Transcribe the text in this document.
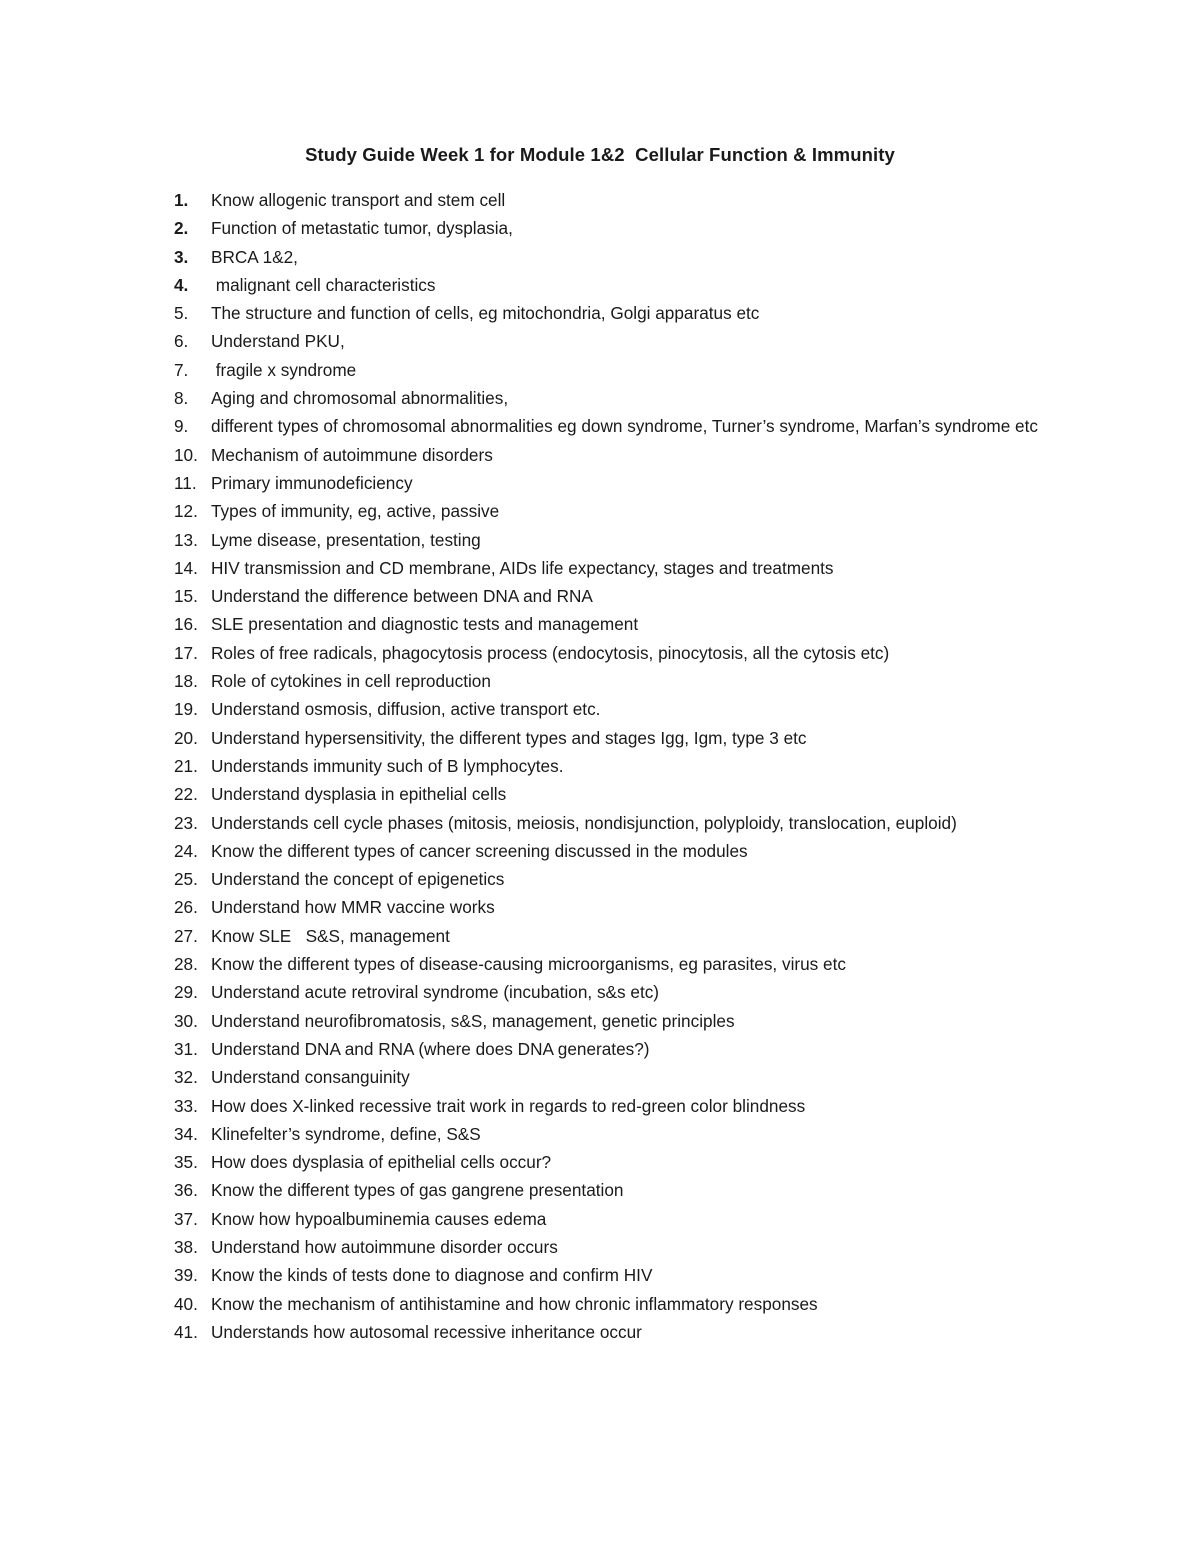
Study Guide Week 1 for Module 1&2  Cellular Function & Immunity
1.	Know allogenic transport and stem cell
2.	Function of metastatic tumor, dysplasia,
3.	BRCA 1&2,
4.	malignant cell characteristics
5.	The structure and function of cells, eg mitochondria, Golgi apparatus etc
6.	Understand PKU,
7.	fragile x syndrome
8.	Aging and chromosomal abnormalities,
9.	different types of chromosomal abnormalities eg down syndrome, Turner’s syndrome, Marfan’s syndrome etc
10. Mechanism of autoimmune disorders
11. Primary immunodeficiency
12. Types of immunity, eg, active, passive
13. Lyme disease, presentation, testing
14. HIV transmission and CD membrane, AIDs life expectancy, stages and treatments
15. Understand the difference between DNA and RNA
16. SLE presentation and diagnostic tests and management
17. Roles of free radicals, phagocytosis process (endocytosis, pinocytosis, all the cytosis etc)
18. Role of cytokines in cell reproduction
19. Understand osmosis, diffusion, active transport etc.
20. Understand hypersensitivity, the different types and stages Igg, Igm, type 3 etc
21. Understands immunity such of B lymphocytes.
22. Understand dysplasia in epithelial cells
23. Understands cell cycle phases (mitosis, meiosis, nondisjunction, polyploidy, translocation, euploid)
24. Know the different types of cancer screening discussed in the modules
25. Understand the concept of epigenetics
26. Understand how MMR vaccine works
27. Know SLE   S&S, management
28. Know the different types of disease-causing microorganisms, eg parasites, virus etc
29. Understand acute retroviral syndrome (incubation, s&s etc)
30. Understand neurofibromatosis, s&S, management, genetic principles
31. Understand DNA and RNA (where does DNA generates?)
32. Understand consanguinity
33. How does X-linked recessive trait work in regards to red-green color blindness
34. Klinefelter’s syndrome, define, S&S
35. How does dysplasia of epithelial cells occur?
36. Know the different types of gas gangrene presentation
37. Know how hypoalbuminemia causes edema
38. Understand how autoimmune disorder occurs
39. Know the kinds of tests done to diagnose and confirm HIV
40. Know the mechanism of antihistamine and how chronic inflammatory responses
41. Understands how autosomal recessive inheritance occur
